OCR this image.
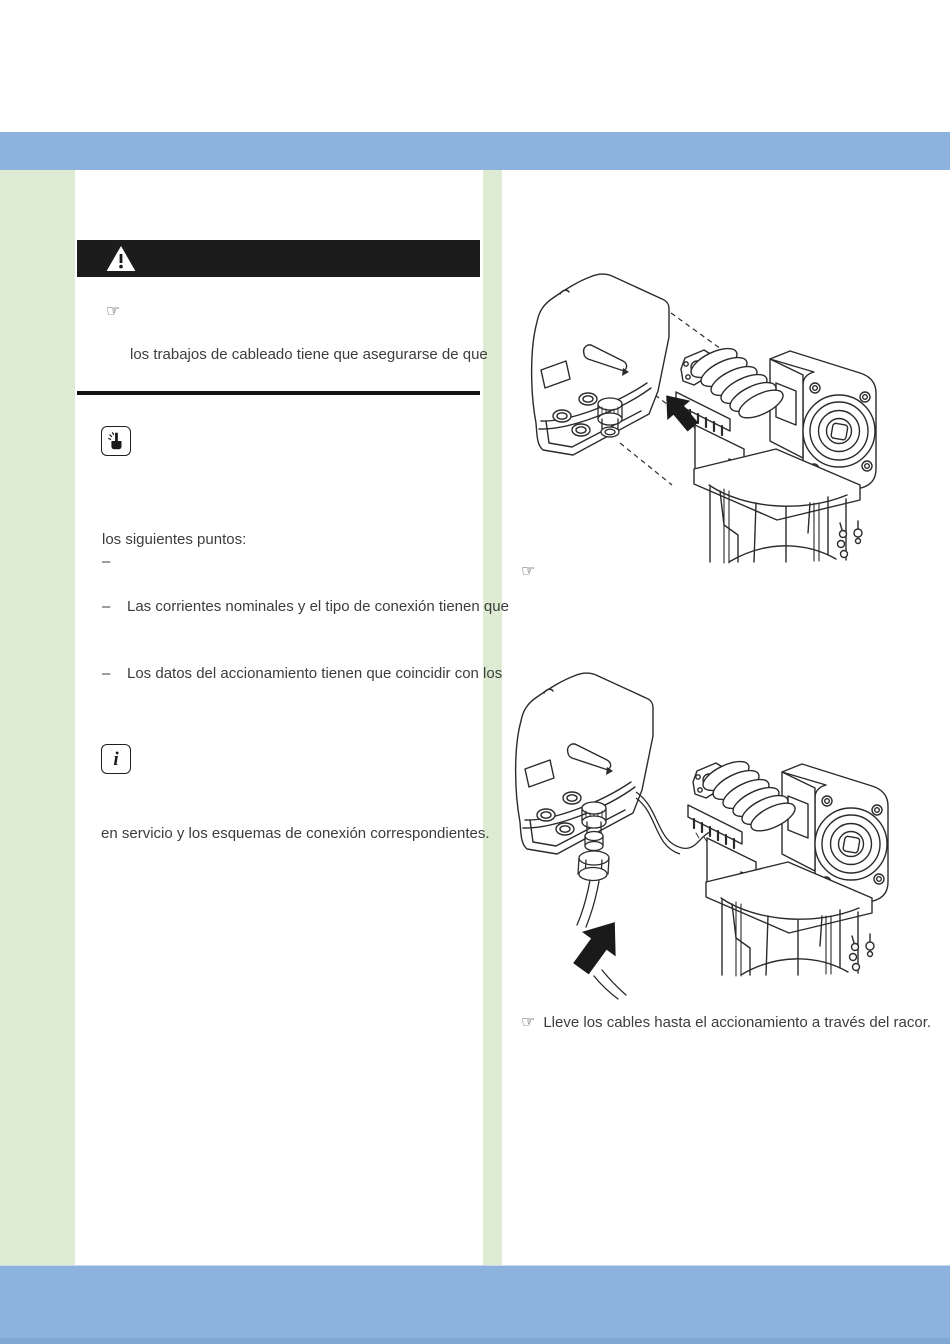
☞

los trabajos de cableado tiene que asegurarse de que

los siguientes puntos:

–
– Las corrientes nominales y el tipo de conexión tienen que
– Los datos del accionamiento tienen que coincidir con los
i

en servicio y los esquemas de conexión correspondientes.

☞

☞ Lleve los cables hasta el accionamiento a través del racor.
